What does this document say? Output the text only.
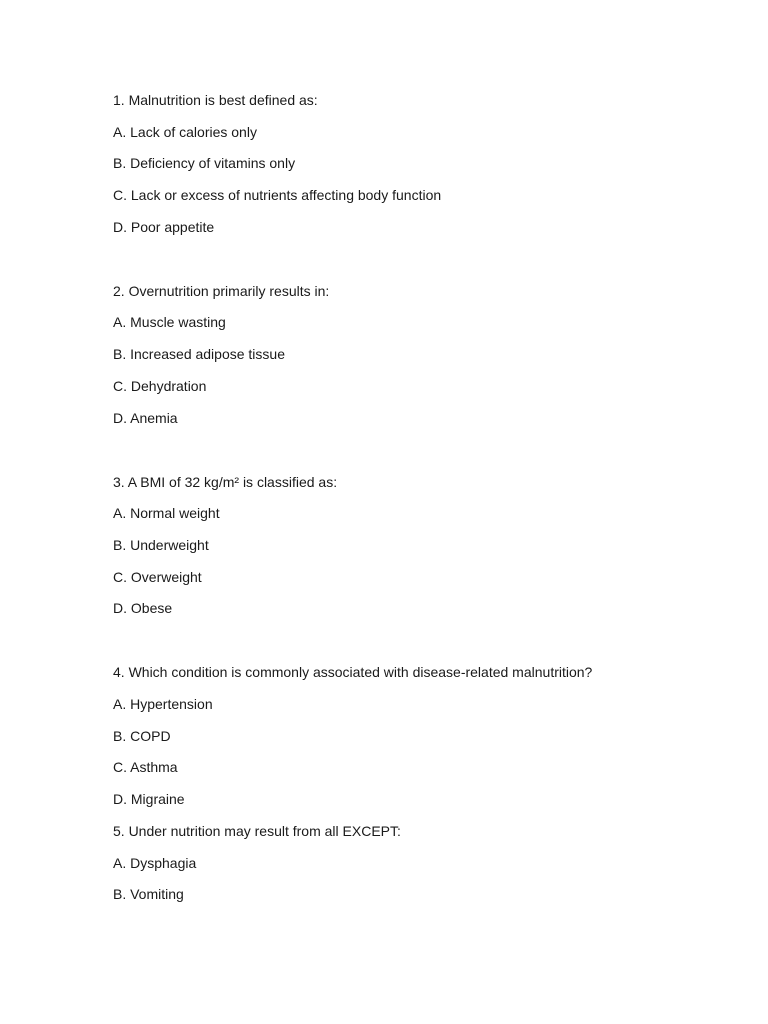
1. Malnutrition is best defined as:
A. Lack of calories only
B. Deficiency of vitamins only
C. Lack or excess of nutrients affecting body function
D. Poor appetite
2. Overnutrition primarily results in:
A. Muscle wasting
B. Increased adipose tissue
C. Dehydration
D. Anemia
3. A BMI of 32 kg/m² is classified as:
A. Normal weight
B. Underweight
C. Overweight
D. Obese
4. Which condition is commonly associated with disease-related malnutrition?
A. Hypertension
B. COPD
C. Asthma
D. Migraine
5. Under nutrition may result from all EXCEPT:
A. Dysphagia
B. Vomiting
